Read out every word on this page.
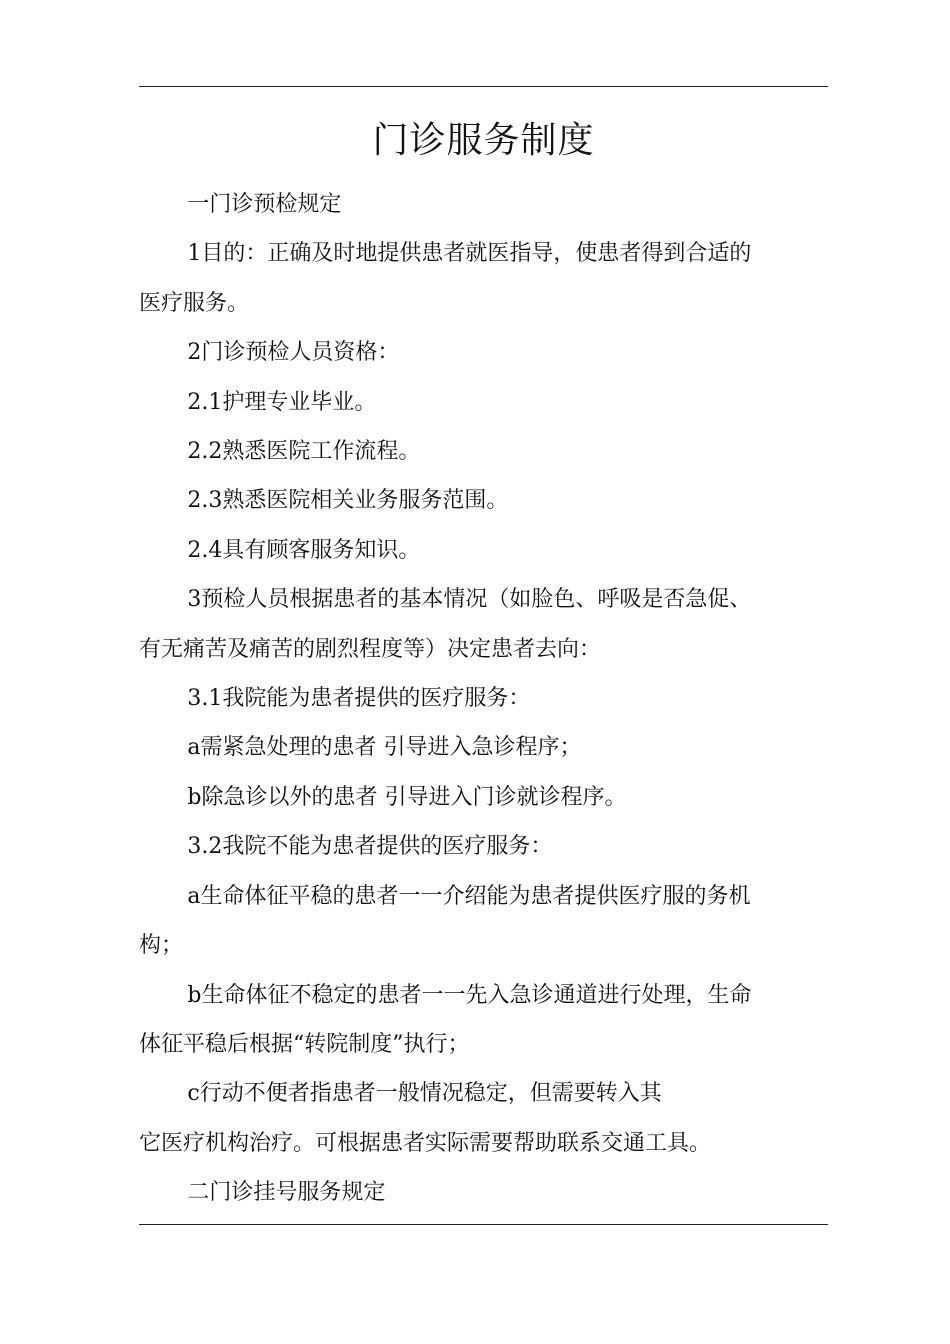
门诊服务制度

一门诊预检规定

1目的：正确及时地提供患者就医指导，使患者得到合适的
医疗服务。

2门诊预检人员资格：

2.1护理专业毕业。

2.2熟悉医院工作流程。

2.3熟悉医院相关业务服务范围。

2.4具有顾客服务知识。

3预检人员根据患者的基本情况（如脸色、呼吸是否急促、
有无痛苦及痛苦的剧烈程度等）决定患者去向：

3.1我院能为患者提供的医疗服务：

a需紧急处理的患者 引导进入急诊程序；

b除急诊以外的患者 引导进入门诊就诊程序。

3.2我院不能为患者提供的医疗服务：

a生命体征平稳的患者一一介绍能为患者提供医疗服的务机
构；

b生命体征不稳定的患者一一先入急诊通道进行处理，生命
体征平稳后根据“转院制度”执行；

c行动不便者指患者一般情况稳定，但需要转入其
它医疗机构治疗。可根据患者实际需要帮助联系交通工具。

二门诊挂号服务规定
